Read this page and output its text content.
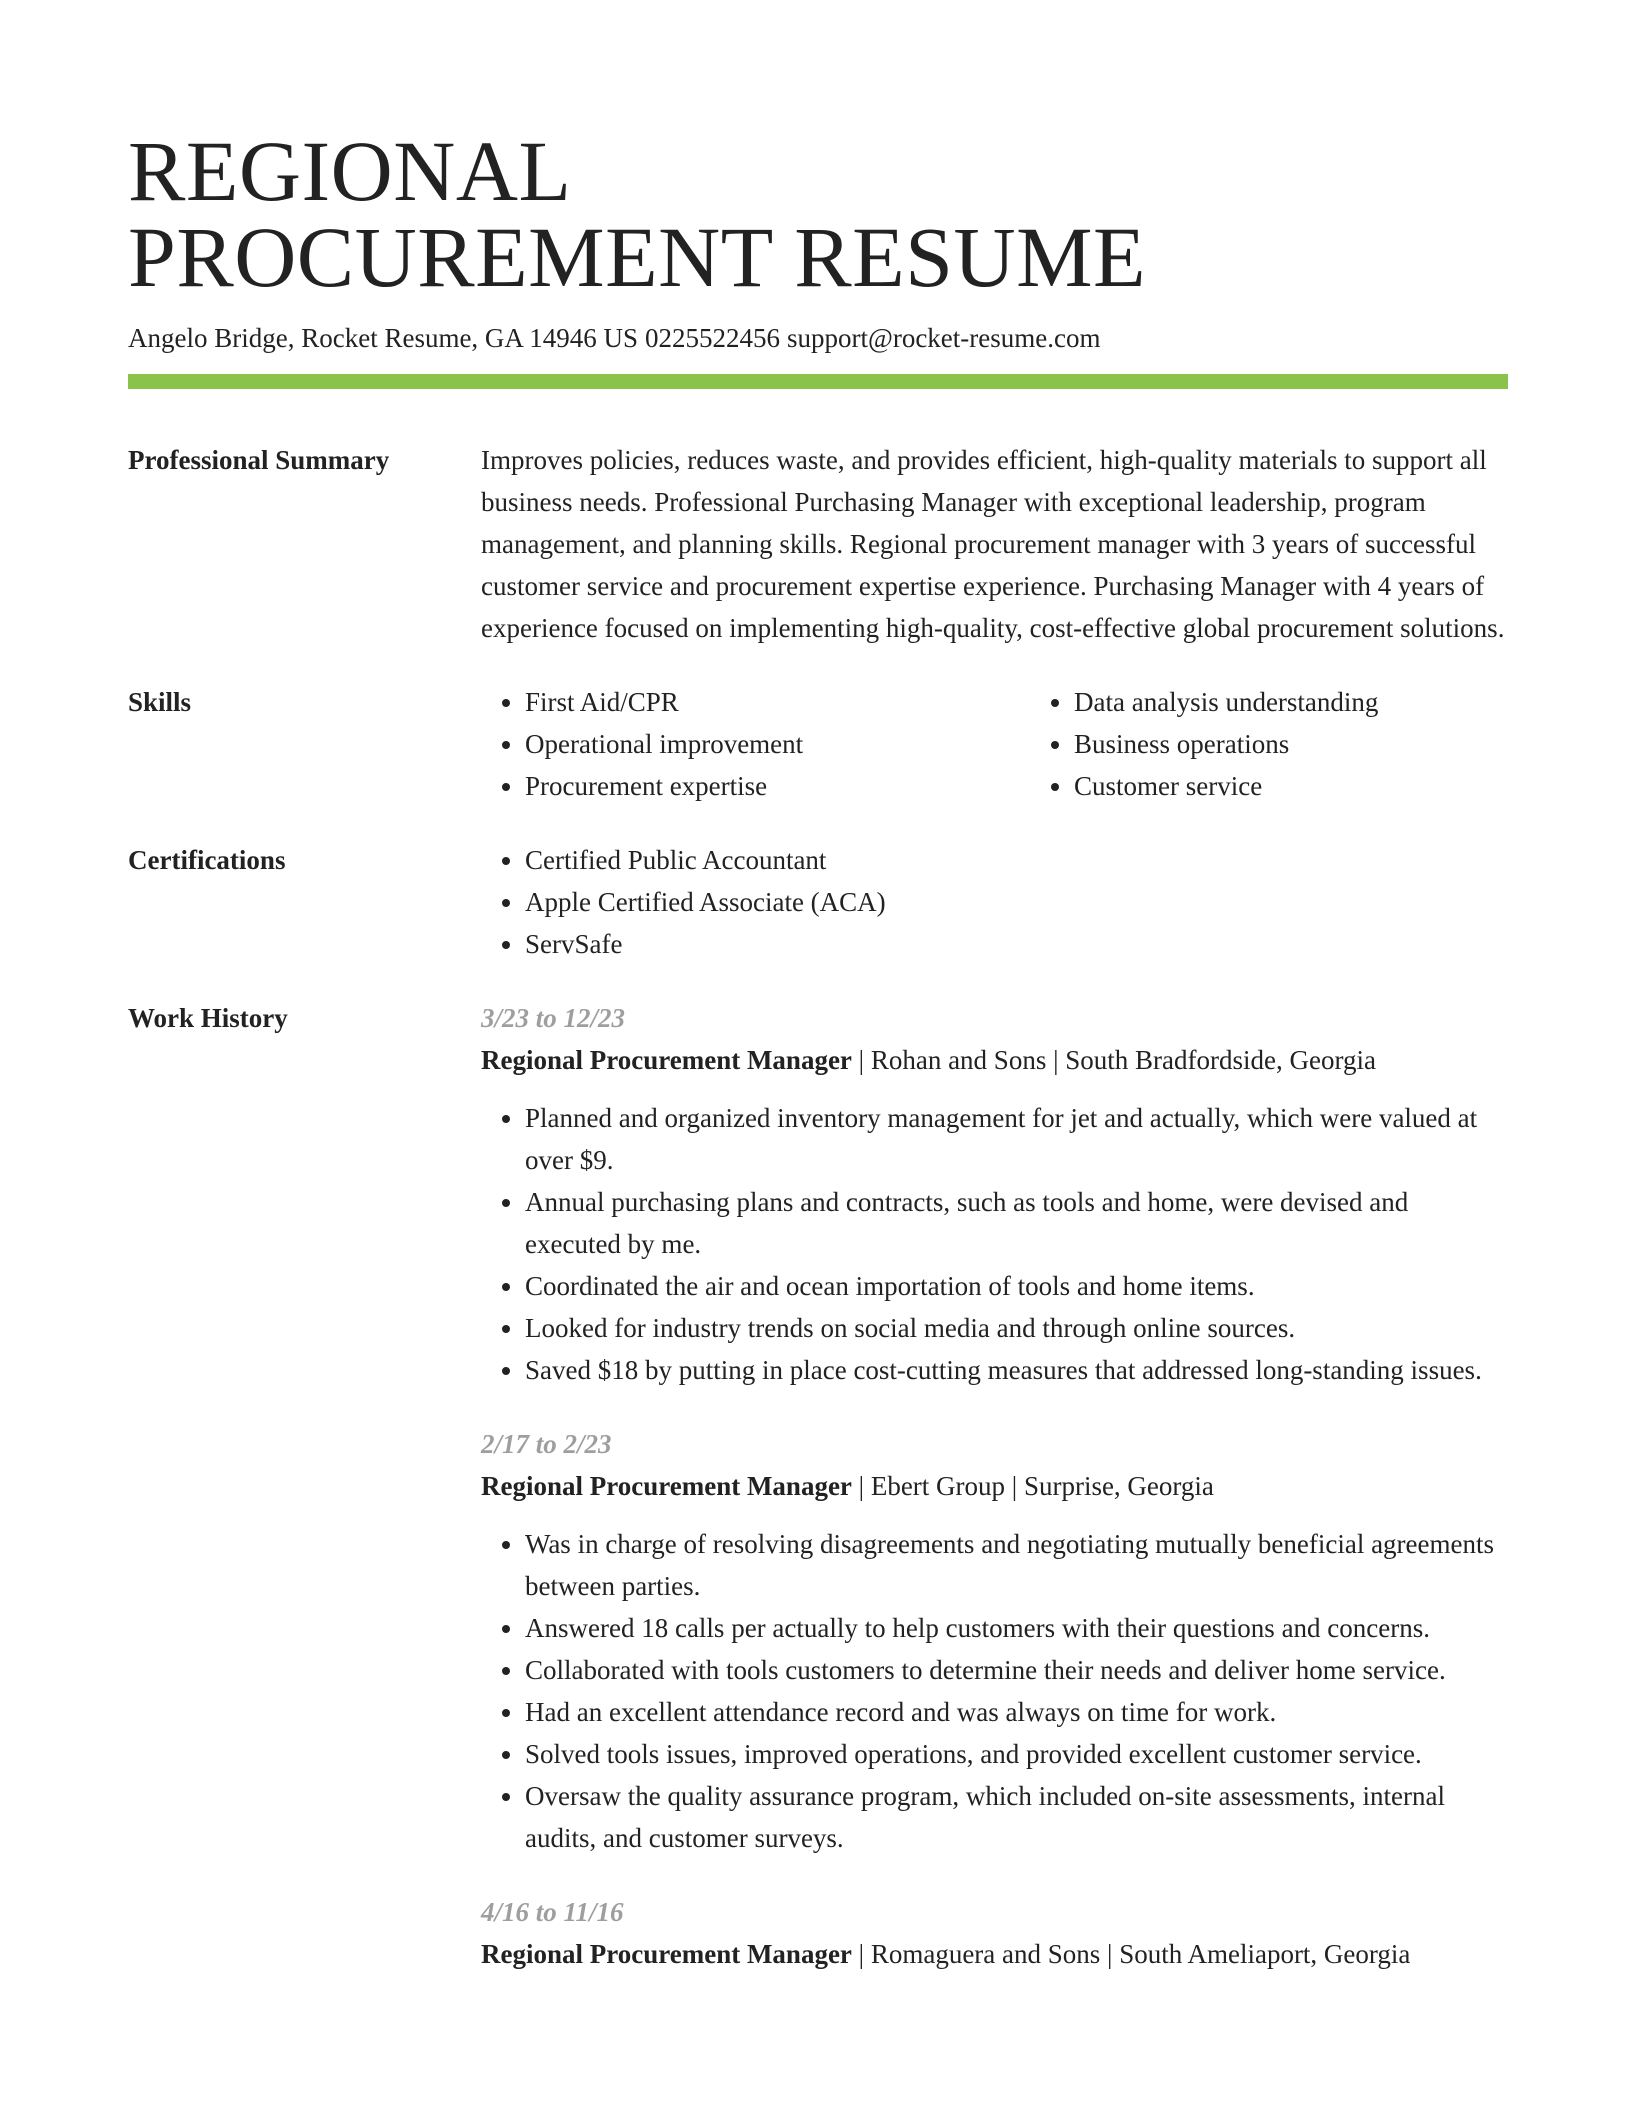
REGIONAL
PROCUREMENT RESUME
Angelo Bridge, Rocket Resume, GA 14946 US 0225522456 support@rocket-resume.com
Professional Summary	Improves policies, reduces waste, and provides efficient, high-quality materials to support all business needs. Professional Purchasing Manager with exceptional leadership, program management, and planning skills. Regional procurement manager with 3 years of successful customer service and procurement expertise experience. Purchasing Manager with 4 years of experience focused on implementing high-quality, cost-effective global procurement solutions.
Skills	• First Aid/CPR
• Operational improvement
• Procurement expertise
• Data analysis understanding
• Business operations
• Customer service
Certifications	• Certified Public Accountant
• Apple Certified Associate (ACA)
• ServSafe
Work History	3/23 to 12/23
Regional Procurement Manager | Rohan and Sons | South Bradfordside, Georgia
• Planned and organized inventory management for jet and actually, which were valued at over $9.
• Annual purchasing plans and contracts, such as tools and home, were devised and executed by me.
• Coordinated the air and ocean importation of tools and home items.
• Looked for industry trends on social media and through online sources.
• Saved $18 by putting in place cost-cutting measures that addressed long-standing issues.
2/17 to 2/23
Regional Procurement Manager | Ebert Group | Surprise, Georgia
• Was in charge of resolving disagreements and negotiating mutually beneficial agreements between parties.
• Answered 18 calls per actually to help customers with their questions and concerns.
• Collaborated with tools customers to determine their needs and deliver home service.
• Had an excellent attendance record and was always on time for work.
• Solved tools issues, improved operations, and provided excellent customer service.
• Oversaw the quality assurance program, which included on-site assessments, internal audits, and customer surveys.
4/16 to 11/16
Regional Procurement Manager | Romaguera and Sons | South Ameliaport, Georgia
